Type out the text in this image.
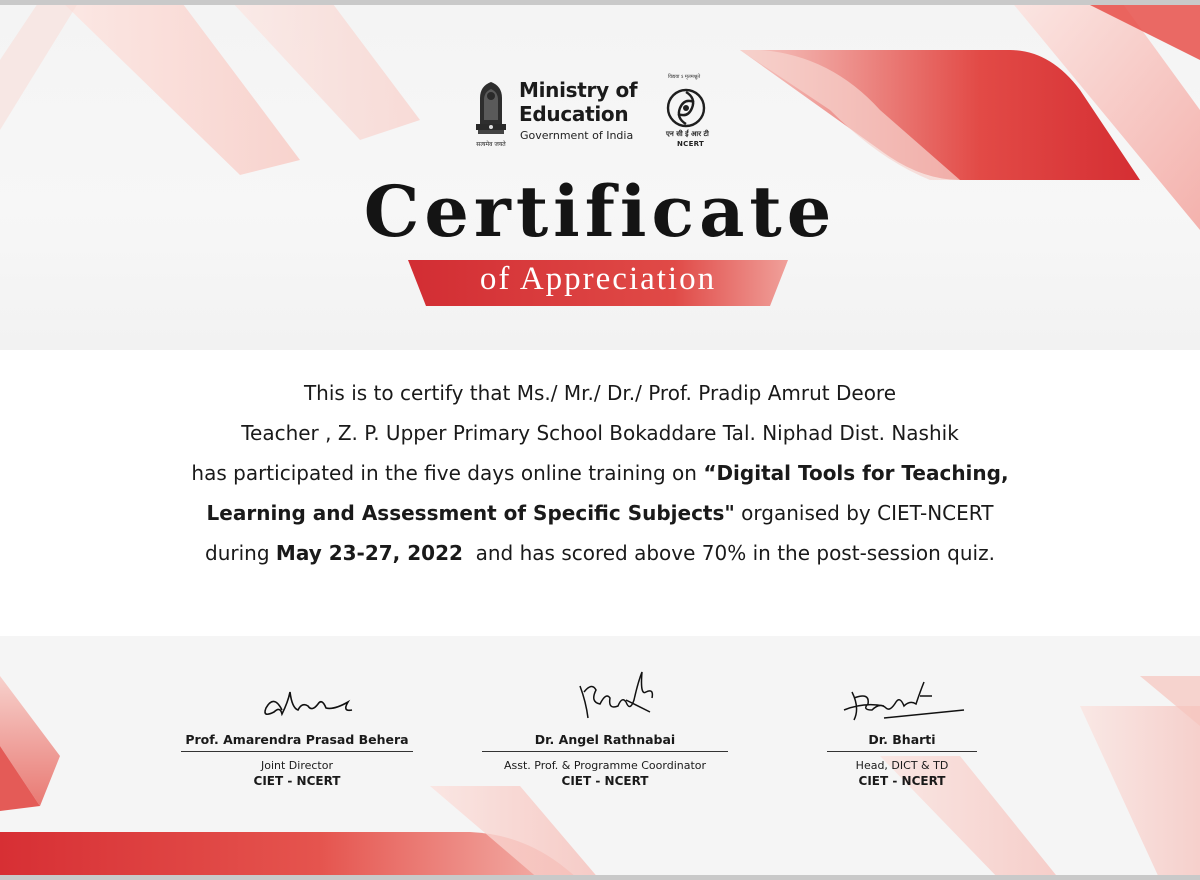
सत्यमेव जयते
Ministry of
Education
Government of India
विद्यया ऽ मृतमश्नुते
एन सी ई आर टी
NCERT
Certificate
of Appreciation
This is to certify that Ms./ Mr./ Dr./ Prof. Pradip Amrut Deore
Teacher , Z. P. Upper Primary School Bokaddare Tal. Niphad Dist. Nashik
has participated in the five days online training on “Digital Tools for Teaching,
Learning and Assessment of Specific Subjects" organised by CIET-NCERT
during May 23-27, 2022  and has scored above 70% in the post-session quiz.
Prof. Amarendra Prasad Behera
Joint Director
CIET - NCERT
Dr. Angel Rathnabai
Asst. Prof. & Programme Coordinator
CIET - NCERT
Dr. Bharti
Head, DICT & TD
CIET - NCERT
